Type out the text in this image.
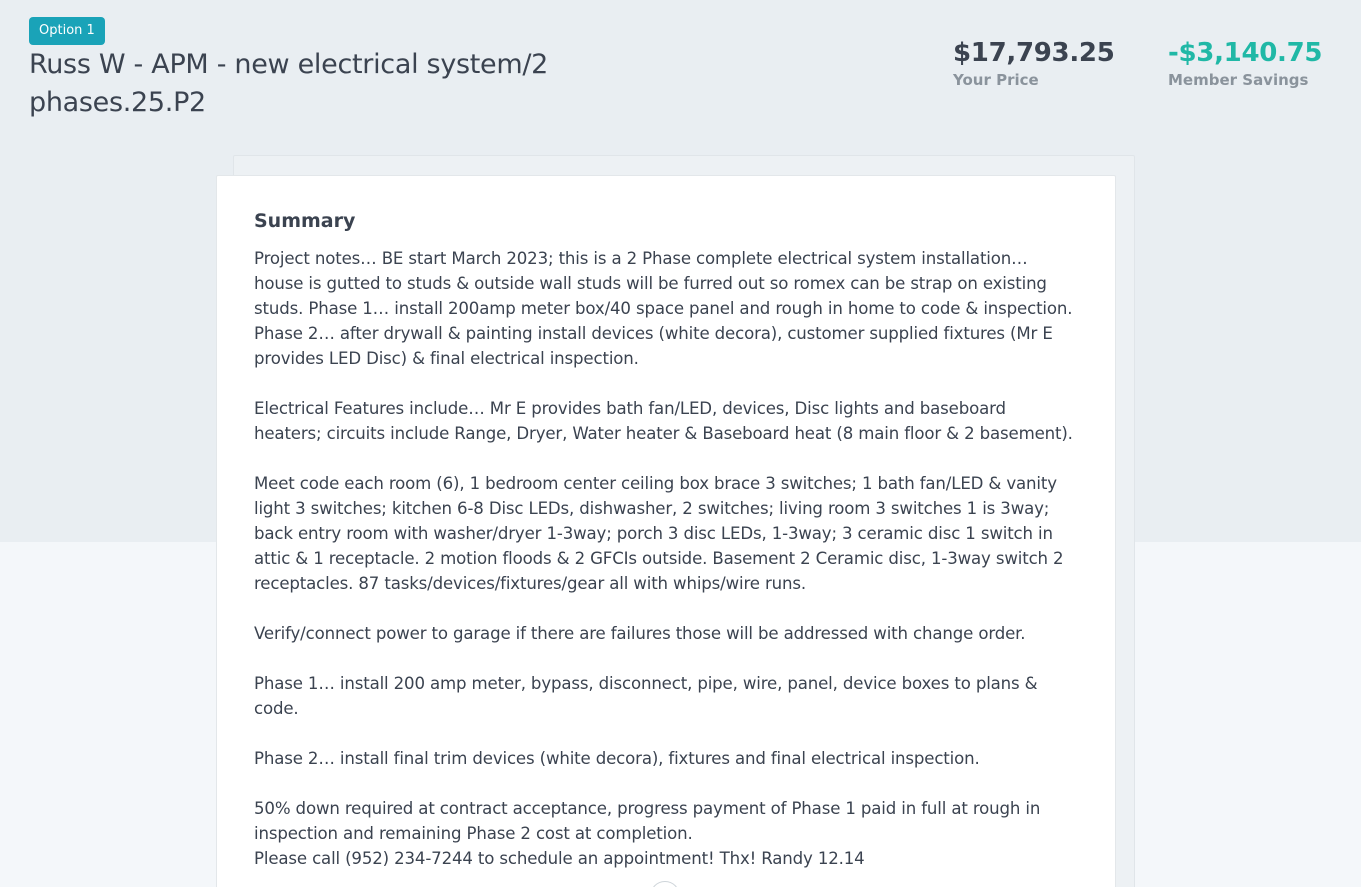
Option 1
Russ W - APM - new electrical system/2 phases.25.P2
$17,793.25
Your Price
-$3,140.75
Member Savings
Summary

Project notes… BE start March 2023; this is a 2 Phase complete electrical system installation… house is gutted to studs & outside wall studs will be furred out so romex can be strap on existing studs. Phase 1… install 200amp meter box/40 space panel and rough in home to code & inspection. Phase 2… after drywall & painting install devices (white decora), customer supplied fixtures (Mr E provides LED Disc) & final electrical inspection.

Electrical Features include… Mr E provides bath fan/LED, devices, Disc lights and baseboard heaters; circuits include Range, Dryer, Water heater & Baseboard heat (8 main floor & 2 basement).

Meet code each room (6), 1 bedroom center ceiling box brace 3 switches; 1 bath fan/LED & vanity light 3 switches; kitchen 6-8 Disc LEDs, dishwasher, 2 switches; living room 3 switches 1 is 3way; back entry room with washer/dryer 1-3way; porch 3 disc LEDs, 1-3way; 3 ceramic disc 1 switch in attic & 1 receptacle. 2 motion floods & 2 GFCIs outside. Basement 2 Ceramic disc, 1-3way switch 2 receptacles. 87 tasks/devices/fixtures/gear all with whips/wire runs.

Verify/connect power to garage if there are failures those will be addressed with change order.

Phase 1… install 200 amp meter, bypass, disconnect, pipe, wire, panel, device boxes to plans & code.

Phase 2… install final trim devices (white decora), fixtures and final electrical inspection.

50% down required at contract acceptance, progress payment of Phase 1 paid in full at rough in inspection and remaining Phase 2 cost at completion.

Please call (952) 234-7244 to schedule an appointment! Thx! Randy 12.14
